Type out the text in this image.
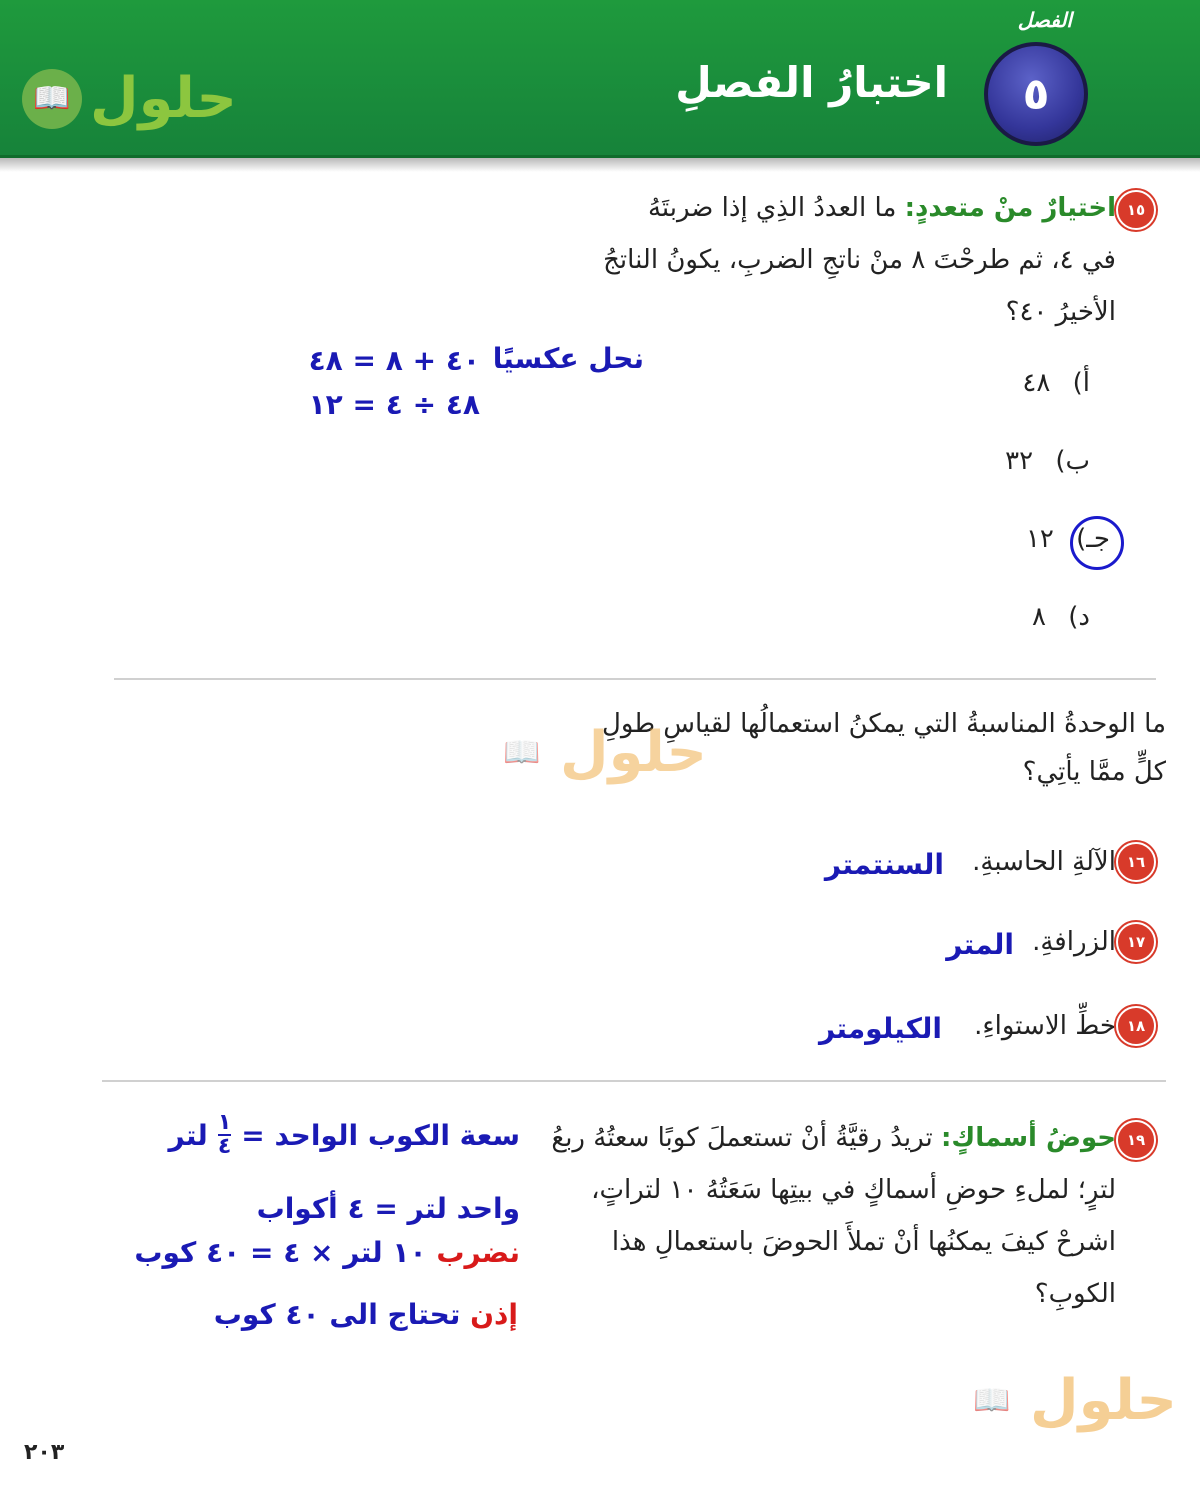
الفصل
٥
اختبارُ الفصلِ
📖 حلول
١٥
اختيارٌ منْ متعددٍ: ما العددُ الذِي إذا ضربتَهُ
في ٤، ثم طرحْتَ ٨ منْ ناتجِ الضربِ، يكونُ الناتجُ
الأخيرُ ٤٠؟
أ) ٤٨
ب) ٣٢
جـ) ١٢
د) ٨
نحل عكسيًا
٤٠ + ٨ = ٤٨
٤٨ ÷ ٤ = ١٢
ما الوحدةُ المناسبةُ التي يمكنُ استعمالُها لقياسِ طولِ
كلٍّ ممَّا يأتِي؟
📖 حلول
١٦
الآلةِ الحاسبةِ.
السنتمتر
١٧
الزرافةِ.
المتر
١٨
خطِّ الاستواءِ.
الكيلومتر
١٩
حوضُ أسماكٍ: تريدُ رقيَّةُ أنْ تستعملَ كوبًا سعتُهُ ربعُ
لترٍ؛ لملءِ حوضِ أسماكٍ في بيتِها سَعَتُهُ ١٠ لتراتٍ،
اشرحْ كيفَ يمكنُها أنْ تملأَ الحوضَ باستعمالِ هذا
الكوبِ؟
سعة الكوب الواحد =
$\frac{١}{٤}$
لتر
واحد لتر = ٤ أكواب
نضرب ١٠ لتر × ٤ = ٤٠ كوب
إذن تحتاج الى ٤٠ كوب
📖 حلول
٢٠٣
